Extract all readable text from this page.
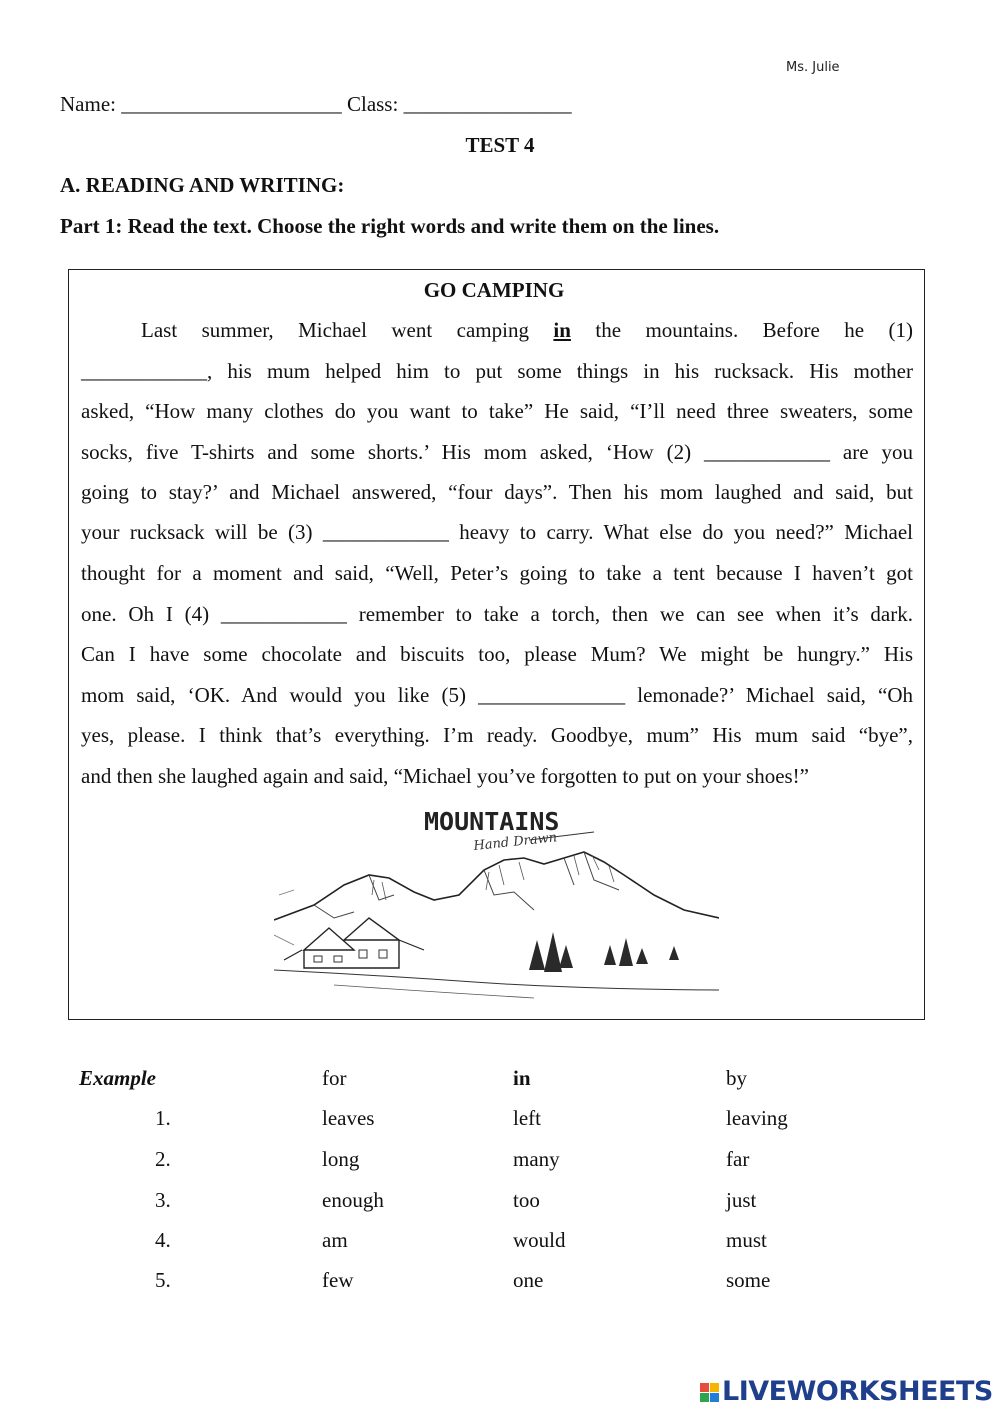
Ms. Julie
Name: _____________________ Class: ________________
TEST 4
A. READING AND WRITING:
Part 1: Read the text. Choose the right words and write them on the lines.
GO CAMPING
Last summer, Michael went camping in the mountains. Before he (1)
____________, his mum helped him to put some things in his rucksack. His mother
asked, “How many clothes do you want to take” He said, “I’ll need three sweaters, some
socks, five T-shirts and some shorts.’ His mom asked, ‘How (2) ____________ are you
going to stay?’ and Michael answered, “four days”. Then his mom laughed and said, but
your rucksack will be (3) ____________ heavy to carry. What else do you need?” Michael
thought for a moment and said, “Well, Peter’s going to take a tent because I haven’t got
one. Oh I (4) ____________ remember to take a torch, then we can see when it’s dark.
Can I have some chocolate and biscuits too, please Mum? We might be hungry.” His
mom said, ‘OK. And would you like (5) ______________ lemonade?’ Michael said, “Oh
yes, please. I think that’s everything. I’m ready. Goodbye, mum” His mum said “bye”,
and then she laughed again and said, “Michael you’ve forgotten to put on your shoes!”
MOUNTAINS
Hand Drawn
Example	for	in	by
1.	leaves	left	leaving
2.	long	many	far
3.	enough	too	just
4.	am	would	must
5.	few	one	some

LIVEWORKSHEETS
